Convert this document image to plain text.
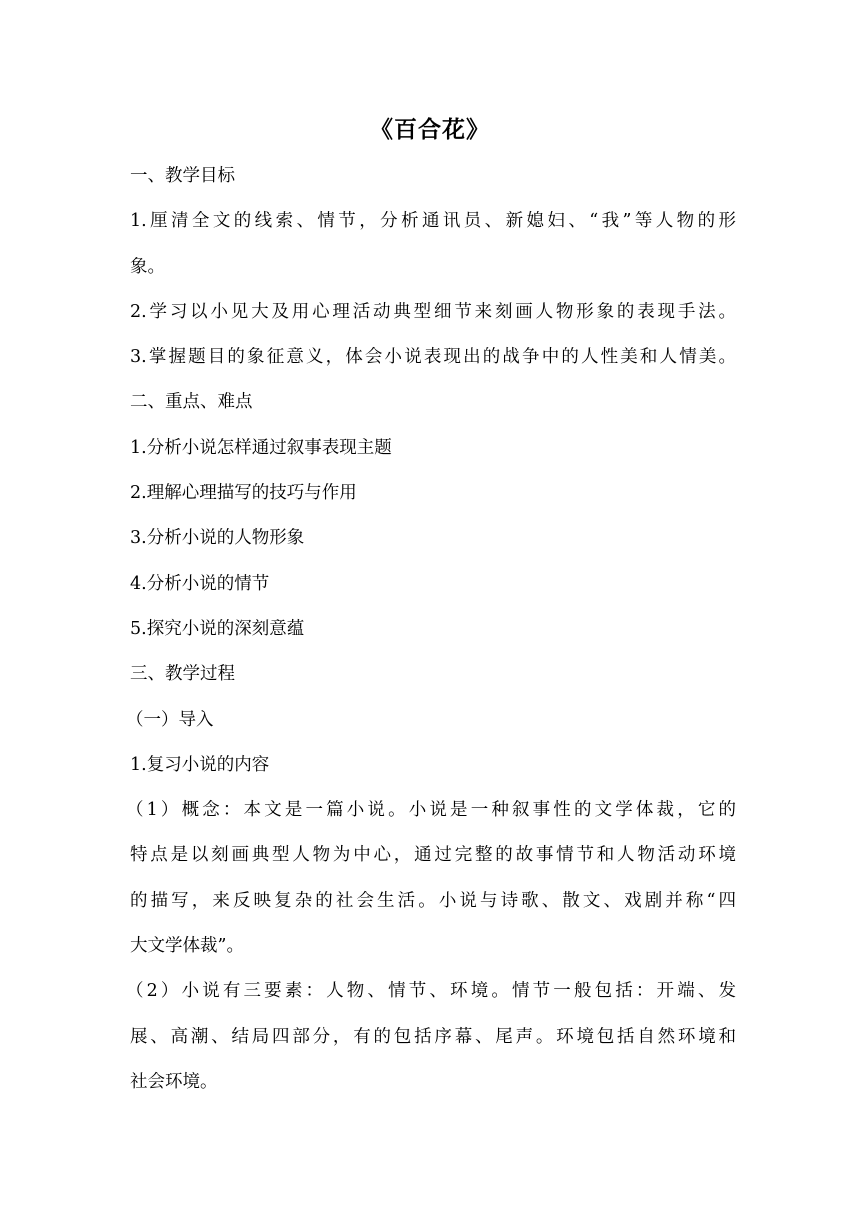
《百合花》
一、教学目标
1.厘清全文的线索、情节，分析通讯员、新媳妇、“我”等人物的形
象。
2.学习以小见大及用心理活动典型细节来刻画人物形象的表现手法。
3.掌握题目的象征意义，体会小说表现出的战争中的人性美和人情美。
二、重点、难点
1.分析小说怎样通过叙事表现主题
2.理解心理描写的技巧与作用
3.分析小说的人物形象
4.分析小说的情节
5.探究小说的深刻意蕴
三、教学过程
（一）导入
1.复习小说的内容
（1）概念：本文是一篇小说。小说是一种叙事性的文学体裁，它的
特点是以刻画典型人物为中心，通过完整的故事情节和人物活动环境
的描写，来反映复杂的社会生活。小说与诗歌、散文、戏剧并称“四
大文学体裁”。
（2）小说有三要素：人物、情节、环境。情节一般包括：开端、发
展、高潮、结局四部分，有的包括序幕、尾声。环境包括自然环境和
社会环境。
